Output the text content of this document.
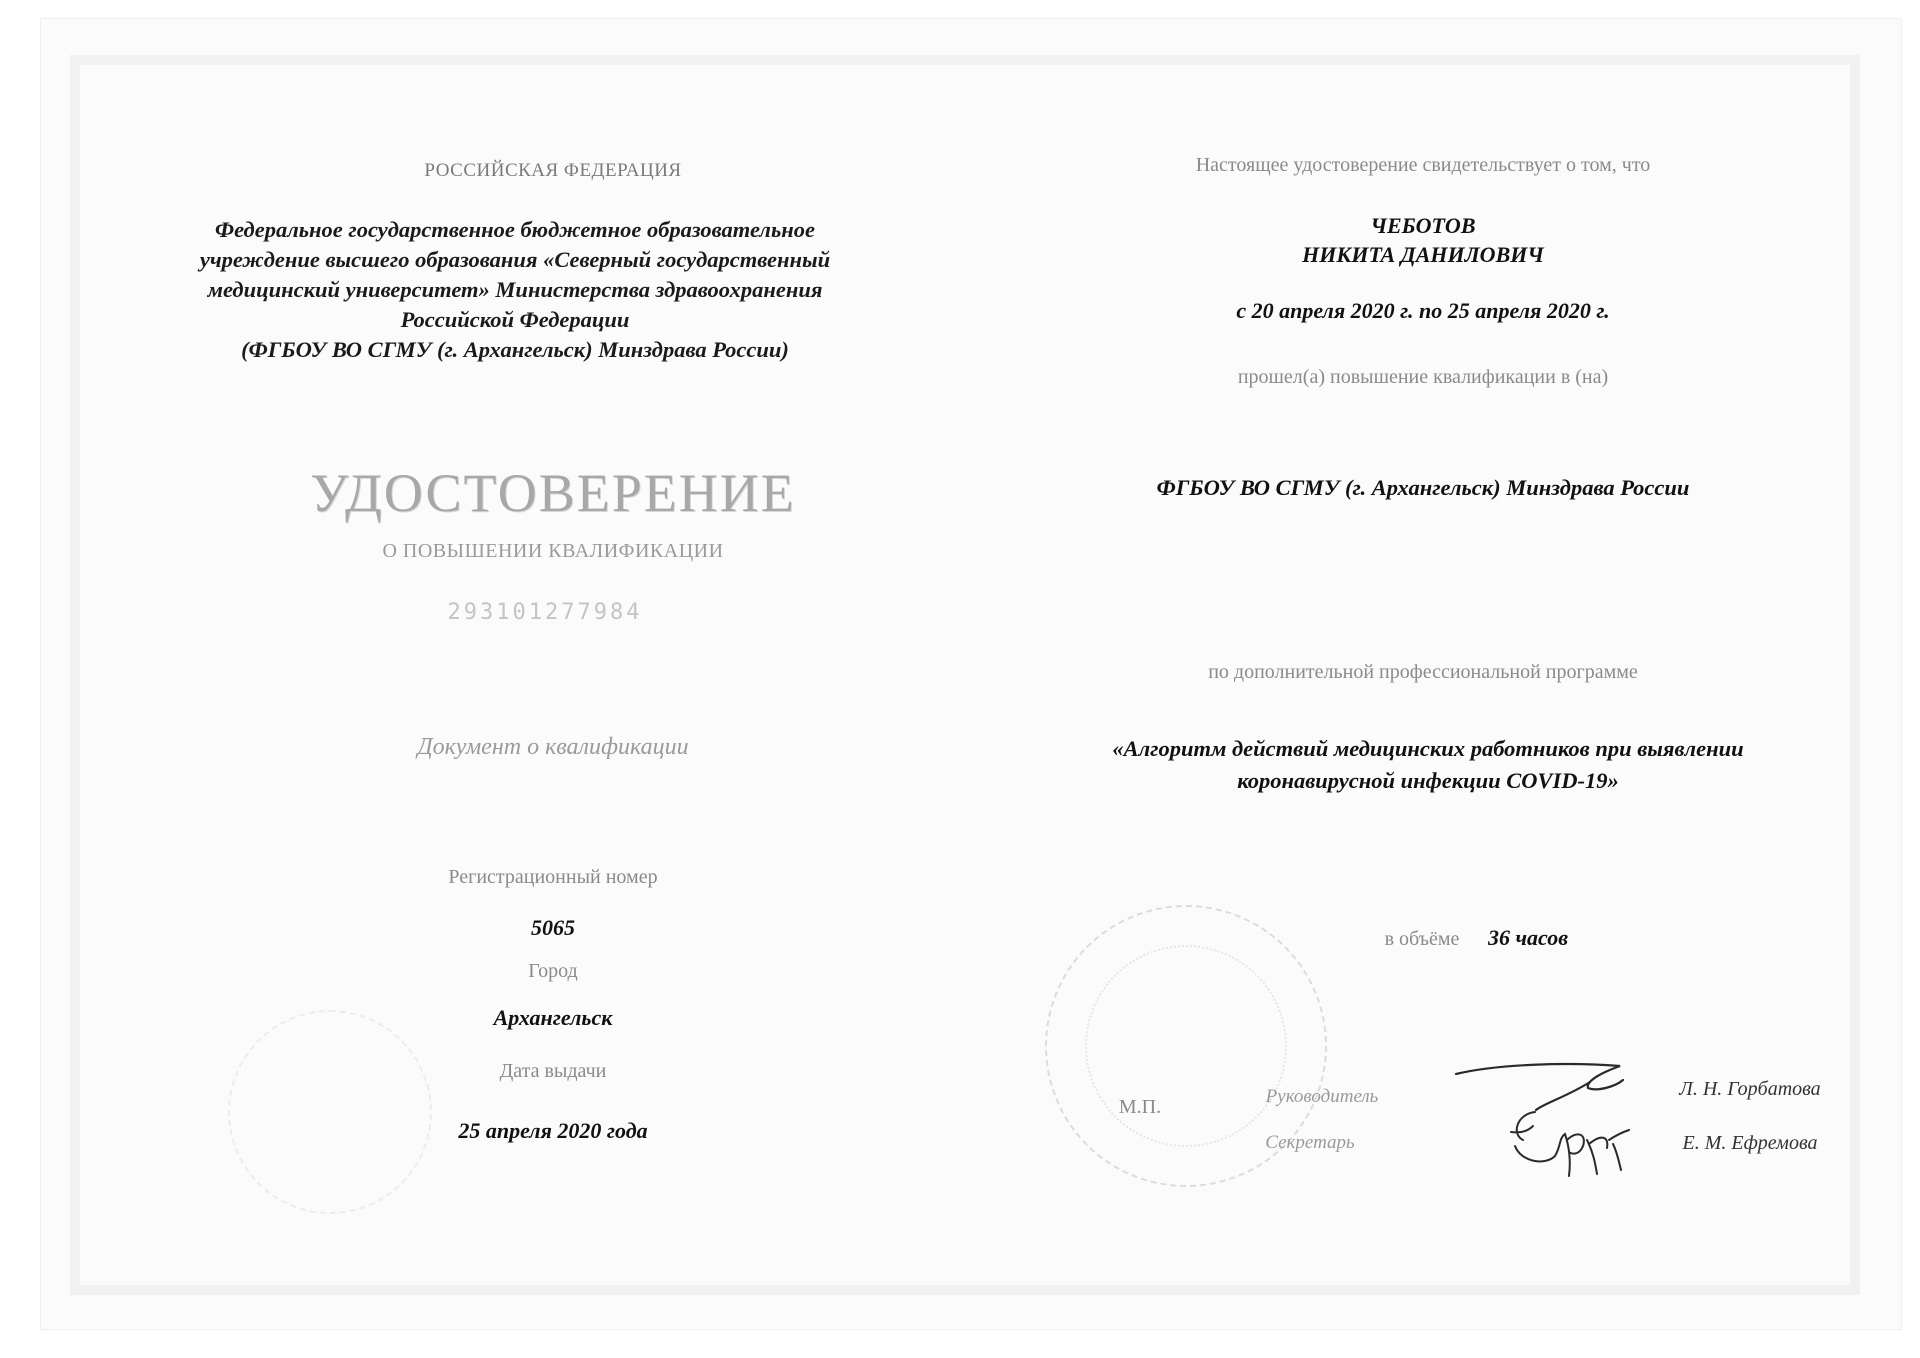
РОССИЙСКАЯ ФЕДЕРАЦИЯ
Федеральное государственное бюджетное образовательное
учреждение высшего образования «Северный государственный
медицинский университет» Министерства здравоохранения
Российской Федерации
(ФГБОУ ВО СГМУ (г. Архангельск) Минздрава России)
УДОСТОВЕРЕНИЕ
О ПОВЫШЕНИИ КВАЛИФИКАЦИИ
293101277984
Документ о квалификации
Регистрационный номер
5065
Город
Архангельск
Дата выдачи
25 апреля 2020 года
Настоящее удостоверение свидетельствует о том, что
ЧЕБОТОВ
НИКИТА ДАНИЛОВИЧ
с 20 апреля 2020 г. по 25 апреля 2020 г.
прошел(а) повышение квалификации в (на)
ФГБОУ ВО СГМУ (г. Архангельск) Минздрава России
по дополнительной профессиональной программе
«Алгоритм действий медицинских работников при выявлении
коронавирусной инфекции COVID-19»
в объёме 36 часов
М.П.	Руководитель	Л. Н. Горбатова
Секретарь	Е. М. Ефремова
